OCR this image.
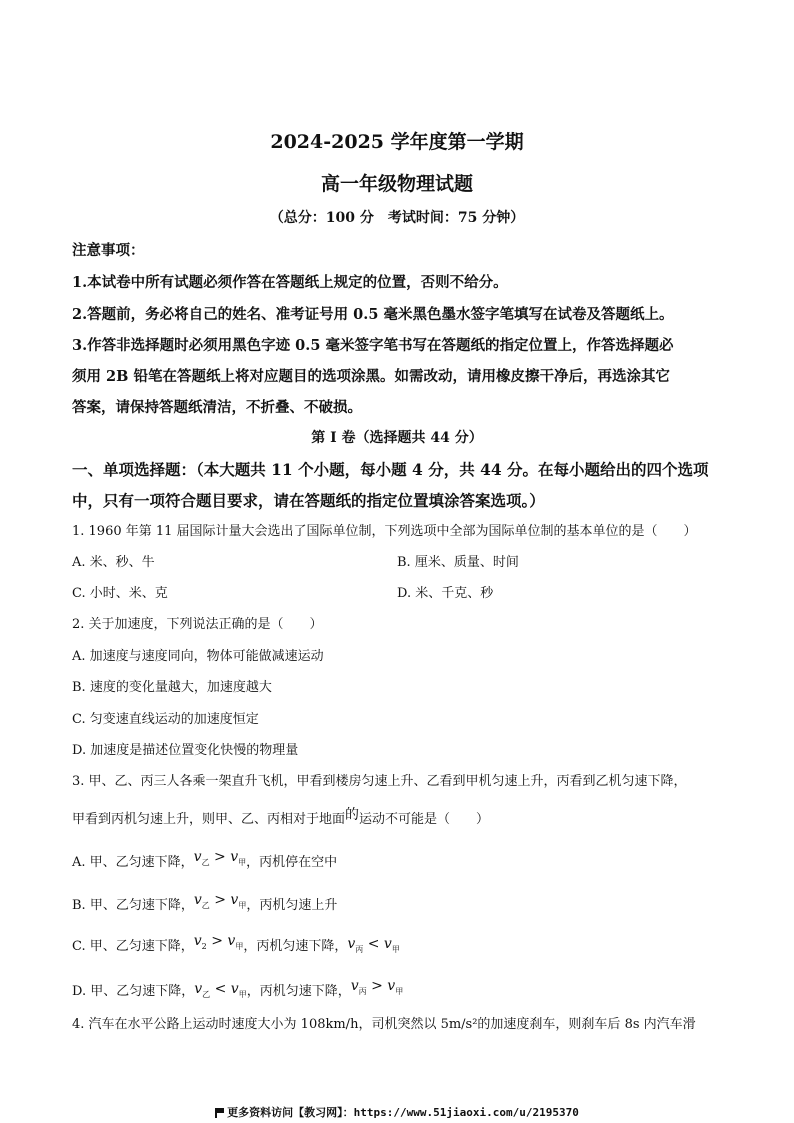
2024-2025 学年度第一学期
高一年级物理试题
（总分：100 分　考试时间：75 分钟）
注意事项：
1.本试卷中所有试题必须作答在答题纸上规定的位置，否则不给分。
2.答题前，务必将自己的姓名、准考证号用 0.5 毫米黑色墨水签字笔填写在试卷及答题纸上。
3.作答非选择题时必须用黑色字迹 0.5 毫米签字笔书写在答题纸的指定位置上，作答选择题必
须用 2B 铅笔在答题纸上将对应题目的选项涂黑。如需改动，请用橡皮擦干净后，再选涂其它
答案，请保持答题纸清洁，不折叠、不破损。
第 I 卷（选择题共 44 分）
一、单项选择题：（本大题共 11 个小题，每小题 4 分，共 44 分。在每小题给出的四个选项
中，只有一项符合题目要求，请在答题纸的指定位置填涂答案选项。）
1. 1960 年第 11 届国际计量大会选出了国际单位制，下列选项中全部为国际单位制的基本单位的是（　　）
A. 米、秒、牛	B. 厘米、质量、时间
C. 小时、米、克	D. 米、千克、秒
2. 关于加速度，下列说法正确的是（　　）
A. 加速度与速度同向，物体可能做减速运动
B. 速度的变化量越大，加速度越大
C. 匀变速直线运动的加速度恒定
D. 加速度是描述位置变化快慢的物理量
3. 甲、乙、丙三人各乘一架直升飞机，甲看到楼房匀速上升、乙看到甲机匀速上升，丙看到乙机匀速下降，
甲看到丙机匀速上升，则甲、乙、丙相对于地面的运动不可能是（　　）
A. 甲、乙匀速下降，$v_乙 > v_甲$，丙机停在空中
B. 甲、乙匀速下降，$v_乙 > v_甲$，丙机匀速上升
C. 甲、乙匀速下降，$v_2 > v_甲$，丙机匀速下降，$v_丙 < v_甲$
D. 甲、乙匀速下降，$v_乙 < v_甲$，丙机匀速下降，$v_丙 > v_甲$
4. 汽车在水平公路上运动时速度大小为 108km/h，司机突然以 5m/s²的加速度刹车，则刹车后 8s 内汽车滑
更多资料访问【教习网】：https://www.51jiaoxi.com/u/2195370
